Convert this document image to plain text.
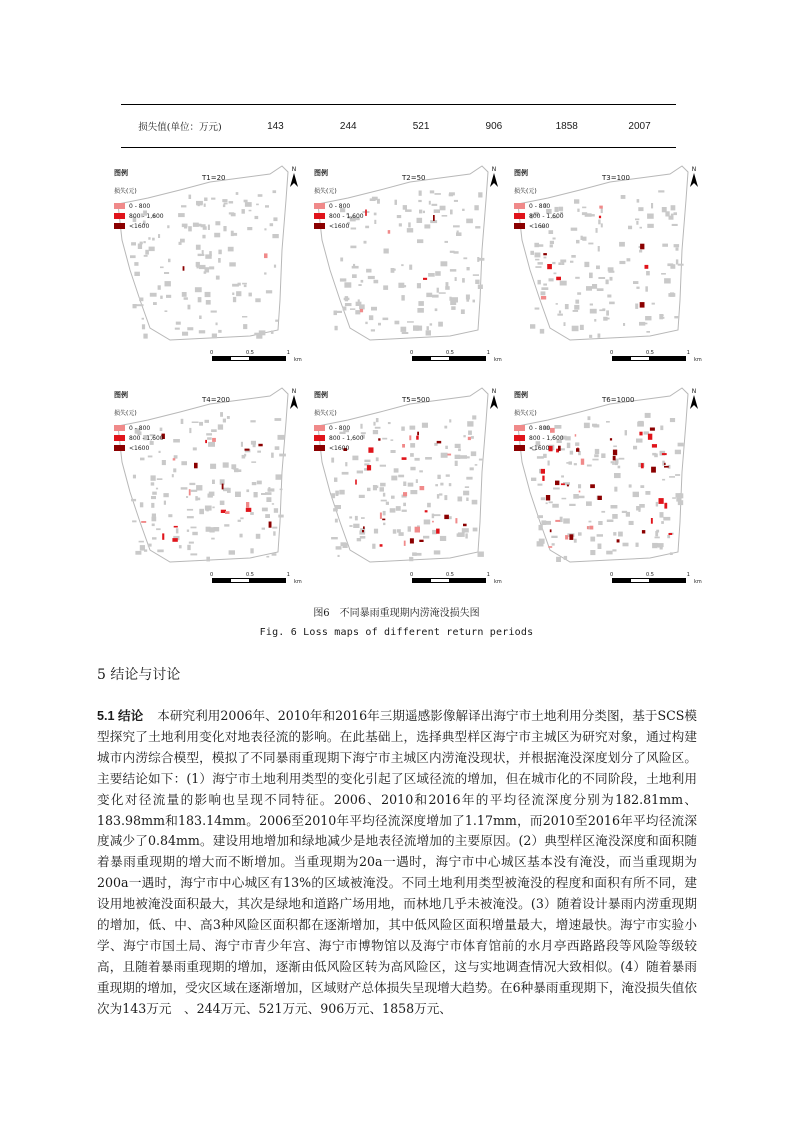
损失值(单位：万元)	143	244	521	906	1858	2007
图例
损失(元)
0 - 800
800 - 1,600
<1600
T1=20
N
0	0.5	1
km
图例
损失(元)
0 - 800
800 - 1,600
<1600
T2=50
N
0	0.5	1
km
图例
损失(元)
0 - 800
800 - 1,600
<1600
T3=100
N
0	0.5	1
km
图例
损失(元)
0 - 800
800 - 1,600
<1600
T4=200
N
0	0.5	1
km
图例
损失(元)
0 - 800
800 - 1,600
<1600
T5=500
N
0	0.5	1
km
图例
损失(元)
0 - 800
800 - 1,600
<1600
T6=1000
N
0	0.5	1
km
图6　不同暴雨重现期内涝淹没损失图
Fig. 6 Loss maps of different return periods
5 结论与讨论
5.1 结论 本研究利用2006年、2010年和2016年三期遥感影像解译出海宁市土地利用分类图，基于SCS模型探究了土地利用变化对地表径流的影响。在此基础上，选择典型样区海宁市主城区为研究对象，通过构建城市内涝综合模型，模拟了不同暴雨重现期下海宁市主城区内涝淹没现状，并根据淹没深度划分了风险区。主要结论如下：(1）海宁市土地利用类型的变化引起了区域径流的增加，但在城市化的不同阶段，土地利用变化对径流量的影响也呈现不同特征。2006、2010和2016年的平均径流深度分别为182.81mm、183.98mm和183.14mm。2006至2010年平均径流深度增加了1.17mm，而2010至2016年平均径流深度减少了0.84mm。建设用地增加和绿地减少是地表径流增加的主要原因。(2）典型样区淹没深度和面积随着暴雨重现期的增大而不断增加。当重现期为20a一遇时，海宁市中心城区基本没有淹没，而当重现期为200a一遇时，海宁市中心城区有13%的区域被淹没。不同土地利用类型被淹没的程度和面积有所不同，建设用地被淹没面积最大，其次是绿地和道路广场用地，而林地几乎未被淹没。(3）随着设计暴雨内涝重现期的增加，低、中、高3种风险区面积都在逐渐增加，其中低风险区面积增量最大，增速最快。海宁市实验小学、海宁市国土局、海宁市青少年宫、海宁市博物馆以及海宁市体育馆前的水月亭西路路段等风险等级较高，且随着暴雨重现期的增加，逐渐由低风险区转为高风险区，这与实地调查情况大致相似。(4）随着暴雨重现期的增加，受灾区域在逐渐增加，区域财产总体损失呈现增大趋势。在6种暴雨重现期下，淹没损失值依次为143万元　、244万元、521万元、906万元、1858万元、
